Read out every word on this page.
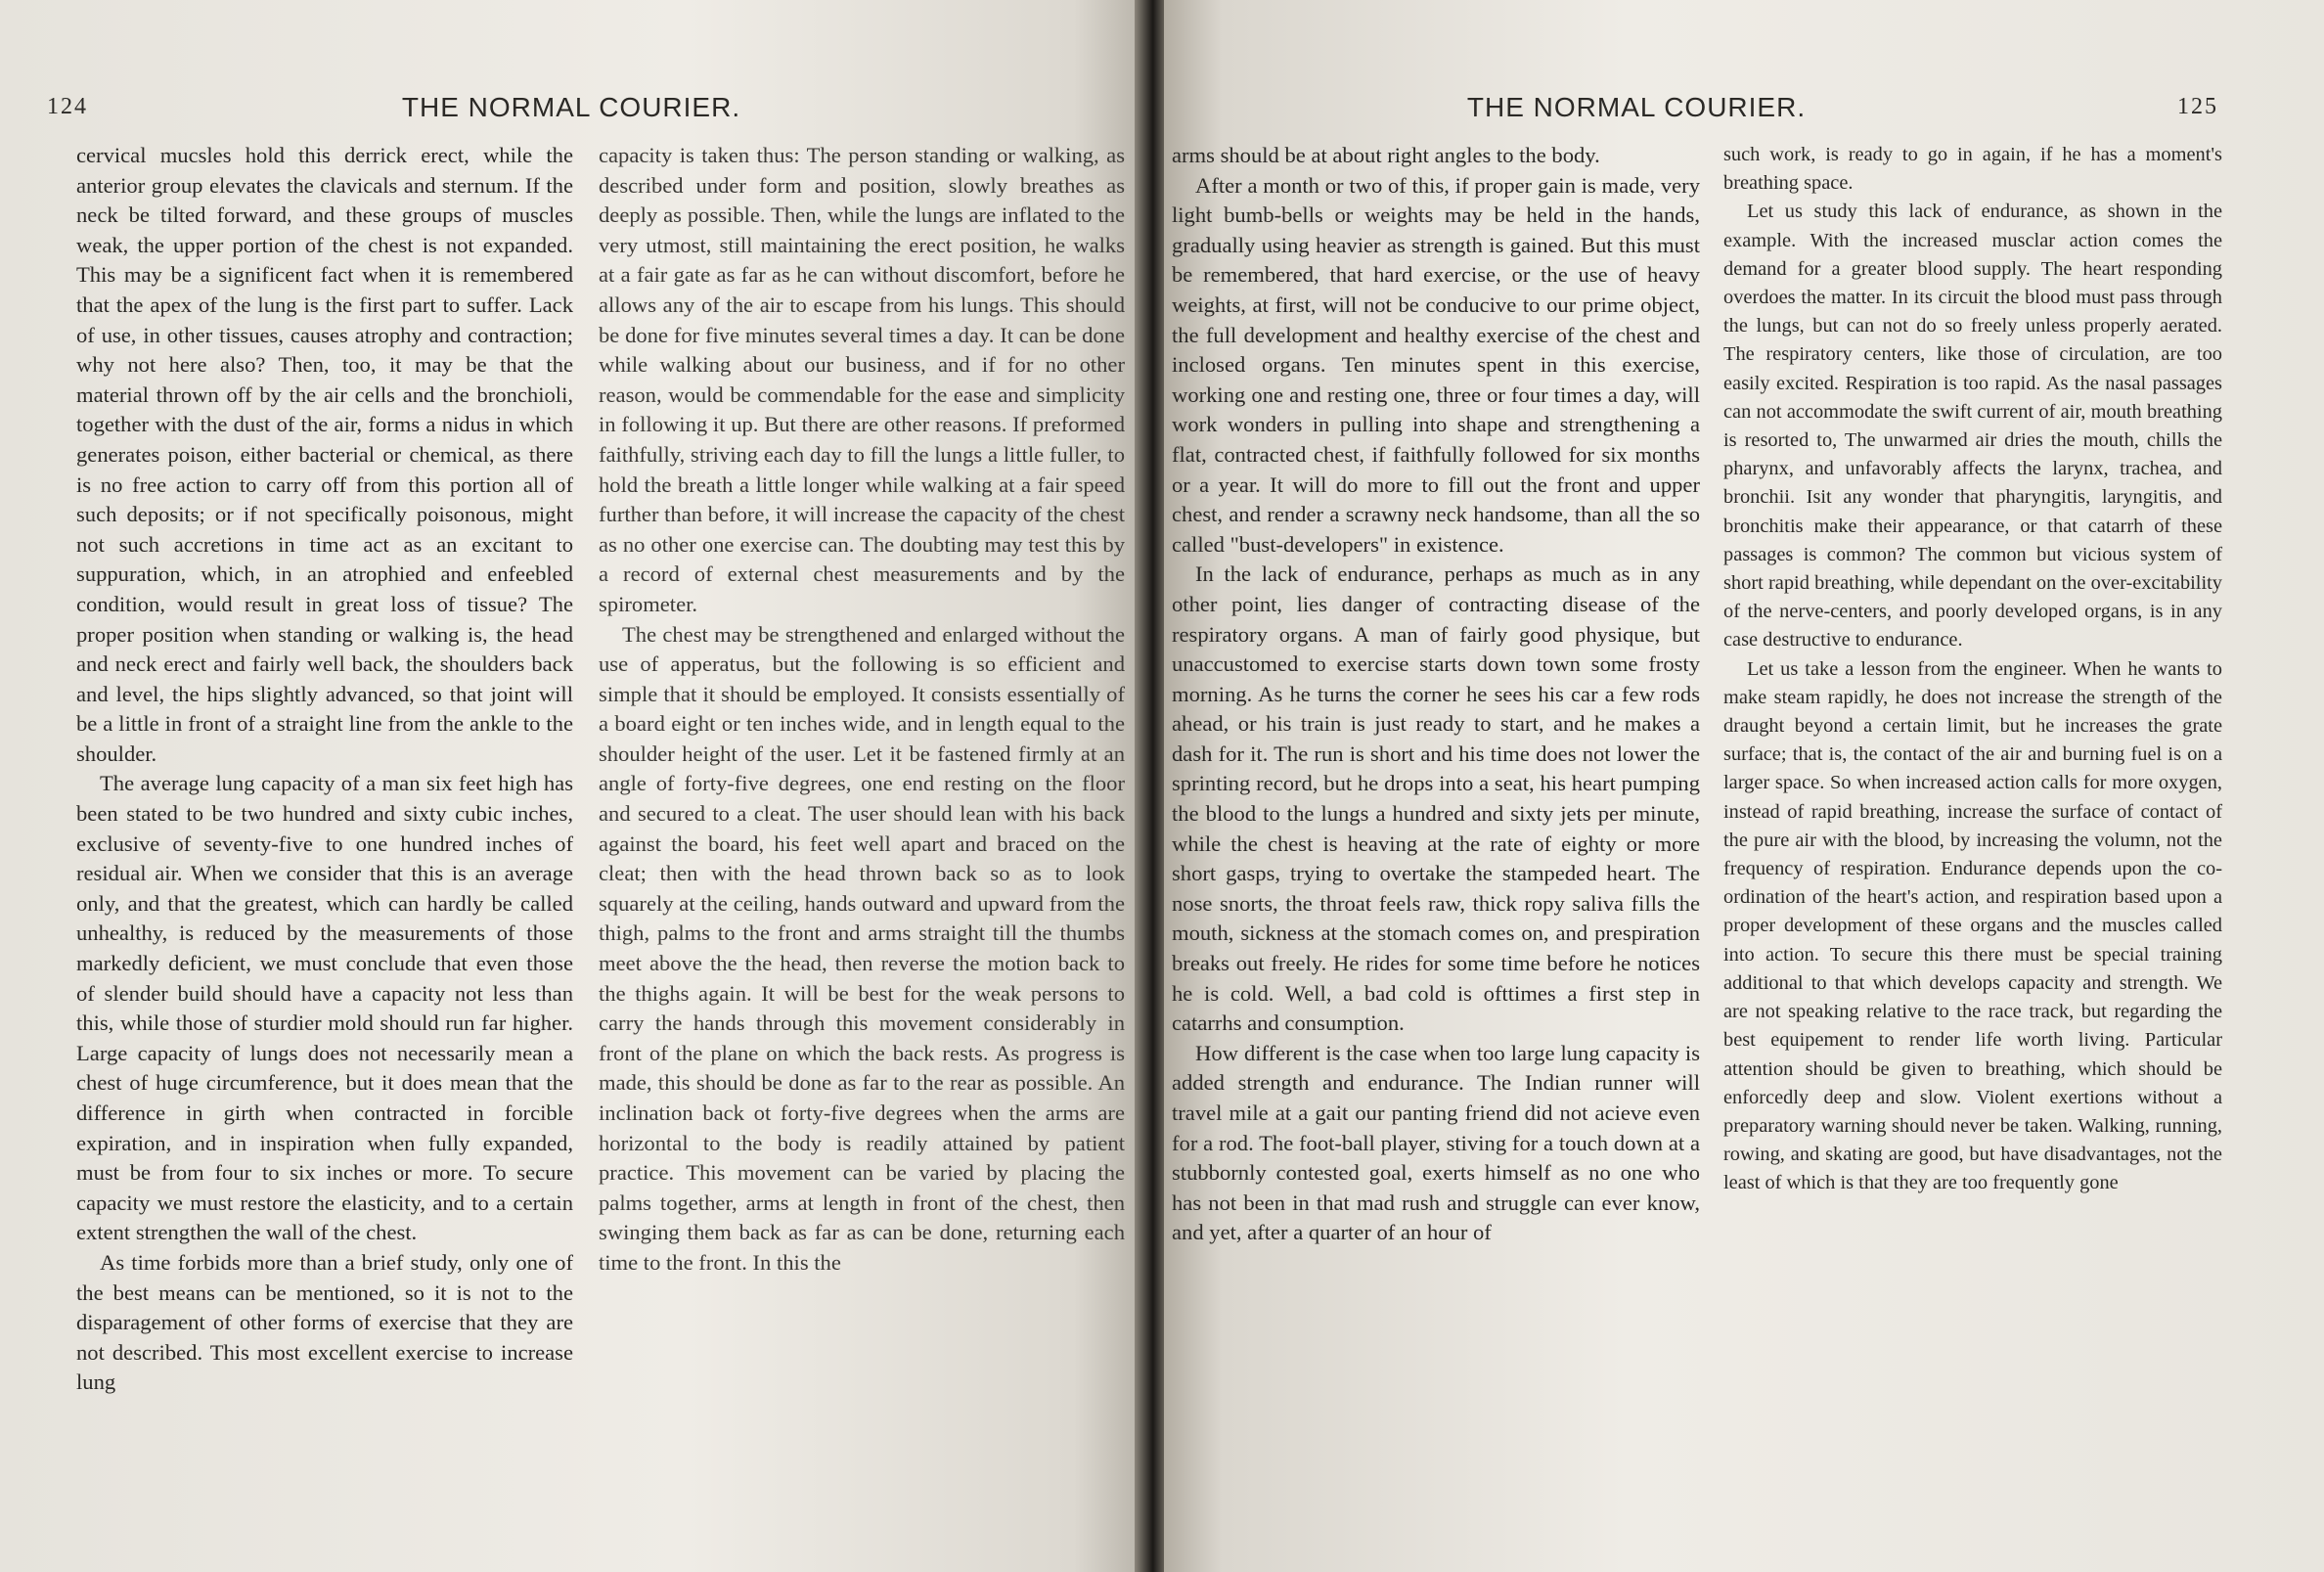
124	THE NORMAL COURIER.

cervical mucsles hold this derrick erect, while the anterior group elevates the clavicals and sternum. If the neck be tilted forward, and these groups of muscles weak, the upper portion of the chest is not expanded. This may be a significent fact when it is remembered that the apex of the lung is the first part to suffer. Lack of use, in other tissues, causes atrophy and contraction; why not here also? Then, too, it may be that the material thrown off by the air cells and the bronchioli, together with the dust of the air, forms a nidus in which generates poison, either bacterial or chemical, as there is no free action to carry off from this portion all of such deposits; or if not specifically poisonous, might not such accretions in time act as an excitant to suppuration, which, in an atrophied and enfeebled condition, would result in great loss of tissue? The proper position when standing or walking is, the head and neck erect and fairly well back, the shoulders back and level, the hips slightly advanced, so that joint will be a little in front of a straight line from the ankle to the shoulder.

The average lung capacity of a man six feet high has been stated to be two hundred and sixty cubic inches, exclusive of seventy-five to one hundred inches of residual air. When we consider that this is an average only, and that the greatest, which can hardly be called unhealthy, is reduced by the measurements of those markedly deficient, we must conclude that even those of slender build should have a capacity not less than this, while those of sturdier mold should run far higher. Large capacity of lungs does not necessarily mean a chest of huge circumference, but it does mean that the difference in girth when contracted in forcible expiration, and in inspiration when fully expanded, must be from four to six inches or more. To secure capacity we must restore the elasticity, and to a certain extent strengthen the wall of the chest.

As time forbids more than a brief study, only one of the best means can be mentioned, so it is not to the disparagement of other forms of exercise that they are not described. This most excellent exercise to increase lung

capacity is taken thus: The person standing or walking, as described under form and position, slowly breathes as deeply as possible. Then, while the lungs are inflated to the very utmost, still maintaining the erect position, he walks at a fair gate as far as he can without discomfort, before he allows any of the air to escape from his lungs. This should be done for five minutes several times a day. It can be done while walking about our business, and if for no other reason, would be commendable for the ease and simplicity in following it up. But there are other reasons. If preformed faithfully, striving each day to fill the lungs a little fuller, to hold the breath a little longer while walking at a fair speed further than before, it will increase the capacity of the chest as no other one exercise can. The doubting may test this by a record of external chest measurements and by the spirometer.

The chest may be strengthened and enlarged without the use of apperatus, but the following is so efficient and simple that it should be employed. It consists essentially of a board eight or ten inches wide, and in length equal to the shoulder height of the user. Let it be fastened firmly at an angle of forty-five degrees, one end resting on the floor and secured to a cleat. The user should lean with his back against the board, his feet well apart and braced on the cleat; then with the head thrown back so as to look squarely at the ceiling, hands outward and upward from the thigh, palms to the front and arms straight till the thumbs meet above the the head, then reverse the motion back to the thighs again. It will be best for the weak persons to carry the hands through this movement considerably in front of the plane on which the back rests. As progress is made, this should be done as far to the rear as possible. An inclination back ot forty-five degrees when the arms are horizontal to the body is readily attained by patient practice. This movement can be varied by placing the palms together, arms at length in front of the chest, then swinging them back as far as can be done, returning each time to the front. In this the

THE NORMAL COURIER.	125

arms should be at about right angles to the body.

After a month or two of this, if proper gain is made, very light bumb-bells or weights may be held in the hands, gradually using heavier as strength is gained. But this must be remembered, that hard exercise, or the use of heavy weights, at first, will not be conducive to our prime object, the full development and healthy exercise of the chest and inclosed organs. Ten minutes spent in this exercise, working one and resting one, three or four times a day, will work wonders in pulling into shape and strengthening a flat, contracted chest, if faithfully followed for six months or a year. It will do more to fill out the front and upper chest, and render a scrawny neck handsome, than all the so called "bust-developers" in existence.

In the lack of endurance, perhaps as much as in any other point, lies danger of contracting disease of the respiratory organs. A man of fairly good physique, but unaccustomed to exercise starts down town some frosty morning. As he turns the corner he sees his car a few rods ahead, or his train is just ready to start, and he makes a dash for it. The run is short and his time does not lower the sprinting record, but he drops into a seat, his heart pumping the blood to the lungs a hundred and sixty jets per minute, while the chest is heaving at the rate of eighty or more short gasps, trying to overtake the stampeded heart. The nose snorts, the throat feels raw, thick ropy saliva fills the mouth, sickness at the stomach comes on, and prespiration breaks out freely. He rides for some time before he notices he is cold. Well, a bad cold is ofttimes a first step in catarrhs and consumption.

How different is the case when too large lung capacity is added strength and endurance. The Indian runner will travel mile at a gait our panting friend did not acieve even for a rod. The foot-ball player, stiving for a touch down at a stubbornly contested goal, exerts himself as no one who has not been in that mad rush and struggle can ever know, and yet, after a quarter of an hour of

such work, is ready to go in again, if he has a moment's breathing space.

Let us study this lack of endurance, as shown in the example. With the increased musclar action comes the demand for a greater blood supply. The heart responding overdoes the matter. In its circuit the blood must pass through the lungs, but can not do so freely unless properly aerated. The respiratory centers, like those of circulation, are too easily excited. Respiration is too rapid. As the nasal passages can not accommodate the swift current of air, mouth breathing is resorted to, The unwarmed air dries the mouth, chills the pharynx, and unfavorably affects the larynx, trachea, and bronchii. Isit any wonder that pharyngitis, laryngitis, and bronchitis make their appearance, or that catarrh of these passages is common? The common but vicious system of short rapid breathing, while dependant on the over-excitability of the nerve-centers, and poorly developed organs, is in any case destructive to endurance.

Let us take a lesson from the engineer. When he wants to make steam rapidly, he does not increase the strength of the draught beyond a certain limit, but he increases the grate surface; that is, the contact of the air and burning fuel is on a larger space. So when increased action calls for more oxygen, instead of rapid breathing, increase the surface of contact of the pure air with the blood, by increasing the volumn, not the frequency of respiration. Endurance depends upon the co-ordination of the heart's action, and respiration based upon a proper development of these organs and the muscles called into action. To secure this there must be special training additional to that which develops capacity and strength. We are not speaking relative to the race track, but regarding the best equipement to render life worth living. Particular attention should be given to breathing, which should be enforcedly deep and slow. Violent exertions without a preparatory warning should never be taken. Walking, running, rowing, and skating are good, but have disadvantages, not the least of which is that they are too frequently gone
